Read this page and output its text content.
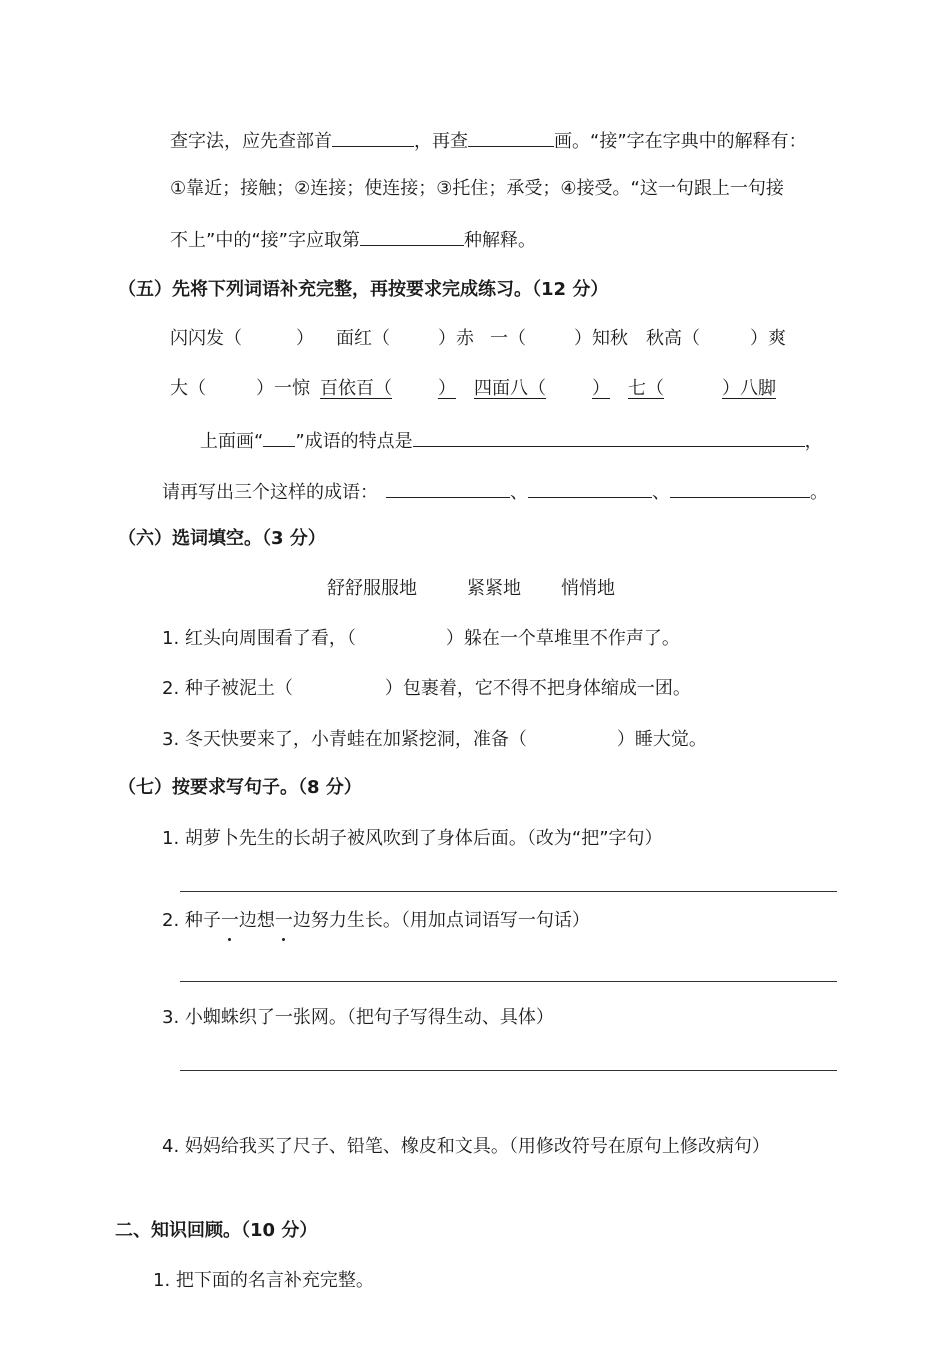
查字法，应先查部首	，再查	画。“接”字在字典中的解释有：
①靠近；接触；②连接；使连接；③托住；承受；④接受。“这一句跟上一句接
不上”中的“接”字应取第	种解释。
（五）先将下列词语补充完整，再按要求完成练习。（12 分）
闪闪发（	） 面红（	）赤 一（	）知秋 秋高（	）爽
大（	）一惊 百依百（	） 四面八（	） 七（	）八脚
上面画“ ”成语的特点是	，
请再写出三个这样的成语：	、	、	。
（六）选词填空。（3 分）
舒舒服服地	紧紧地 悄悄地
1. 红头向周围看了看，（	）躲在一个草堆里不作声了。
2. 种子被泥土（	）包裹着，它不得不把身体缩成一团。
3. 冬天快要来了，小青蛙在加紧挖洞，准备（	）睡大觉。
（七）按要求写句子。（8 分）
1. 胡萝卜先生的长胡子被风吹到了身体后面。（改为“把”字句）
2. 种子一边想一边努力生长。（用加点词语写一句话）
3. 小蜘蛛织了一张网。（把句子写得生动、具体）
4. 妈妈给我买了尺子、铅笔、橡皮和文具。（用修改符号在原句上修改病句）
二、知识回顾。（10 分）
1. 把下面的名言补充完整。
